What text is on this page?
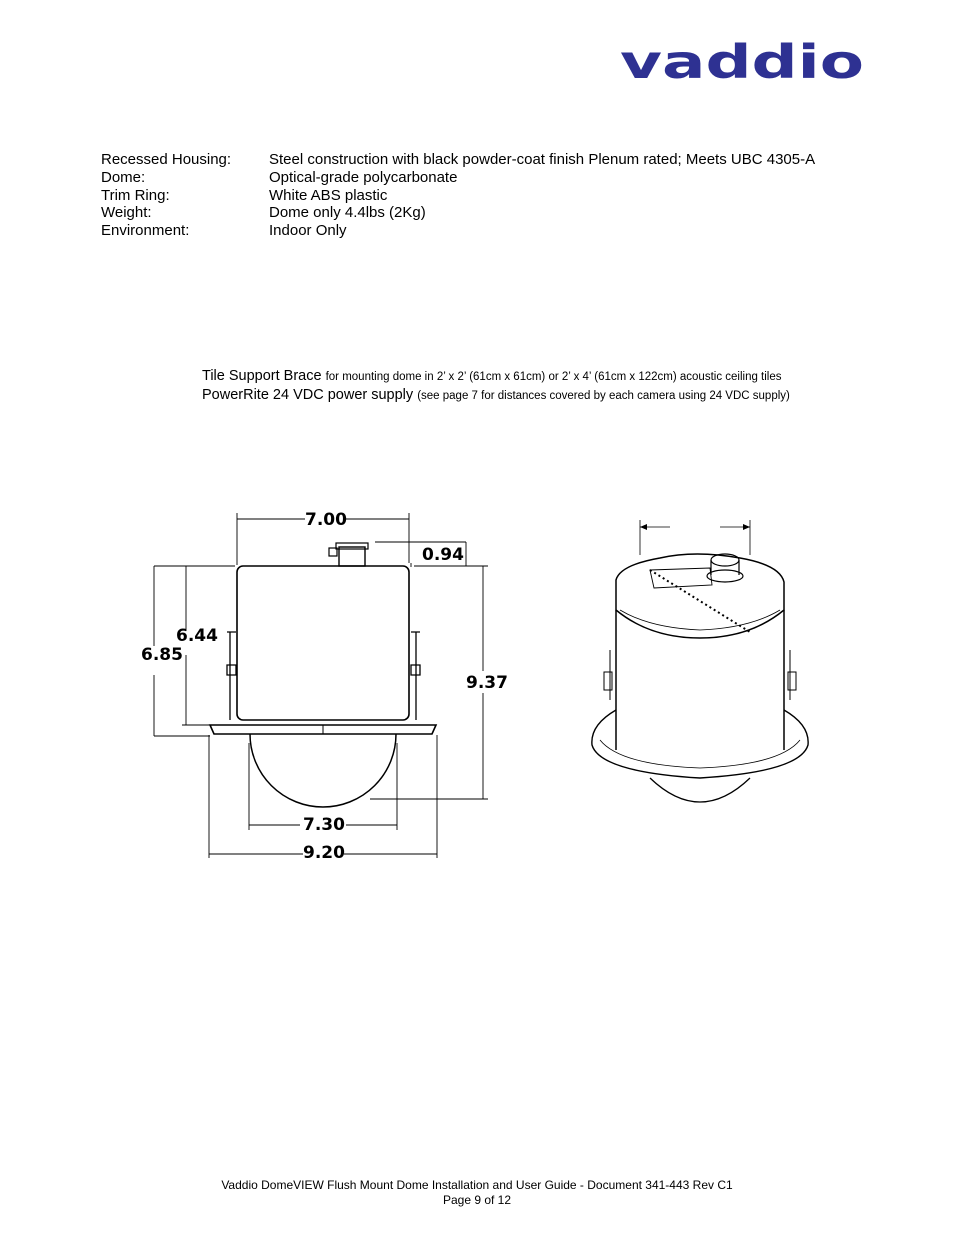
vaddio
Recessed Housing:	Steel construction with black powder-coat finish Plenum rated; Meets UBC 4305-A
Dome:	Optical-grade polycarbonate
Trim Ring:	White ABS plastic
Weight:	Dome only 4.4lbs (2Kg)
Environment:	Indoor Only
Tile Support Brace for mounting dome in 2’ x 2’ (61cm x 61cm) or 2’ x 4’ (61cm x 122cm) acoustic ceiling tiles
PowerRite 24 VDC power supply (see page 7 for distances covered by each camera using 24 VDC supply)
7.00
0.94
6.44
6.85
9.37
7.30
9.20
Vaddio DomeVIEW Flush Mount Dome Installation and User Guide - Document 341-443 Rev C1
Page 9 of 12
